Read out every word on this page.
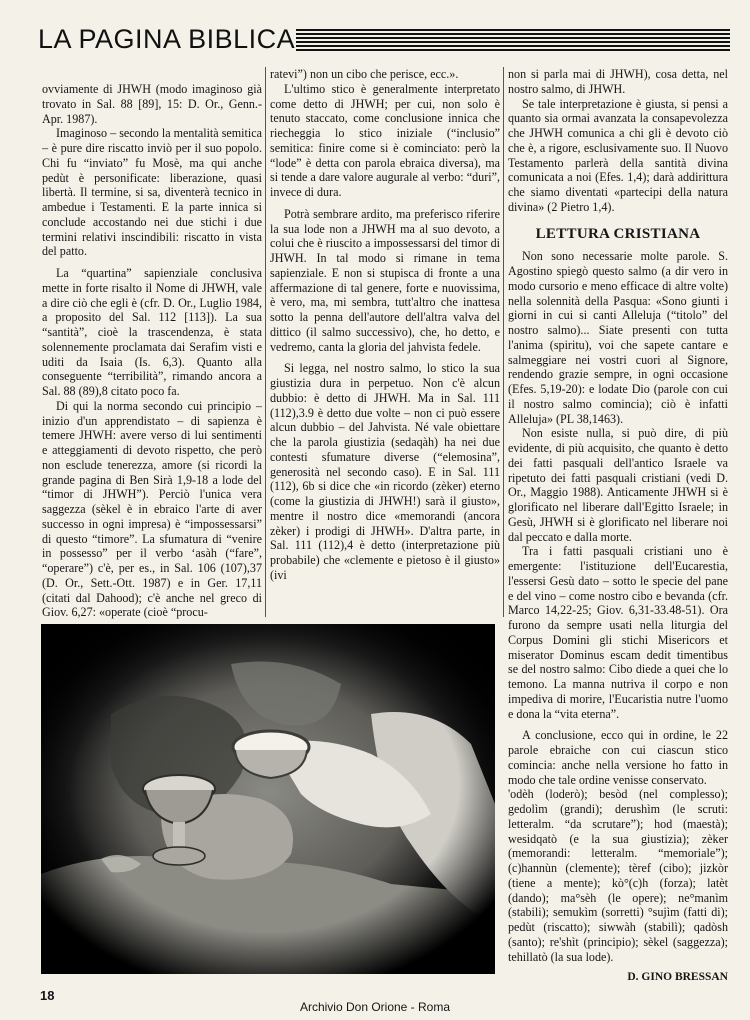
LA PAGINA BIBLICA

ovviamente di JHWH (modo imaginoso già trovato in Sal. 88 [89], 15: D. Or., Genn.-Apr. 1987).

Imaginoso – secondo la mentalità semitica – è pure dire riscatto inviò per il suo popolo. Chi fu “inviato” fu Mosè, ma qui anche pedùt è personificate: liberazione, quasi libertà. Il termine, si sa, diventerà tecnico in ambedue i Testamenti. E la parte innica si conclude accostando nei due stichi i due termini relativi inscindibili: riscatto in vista del patto.

La “quartina” sapienziale conclusiva mette in forte risalto il Nome di JHWH, vale a dire ciò che egli è (cfr. D. Or., Luglio 1984, a proposito del Sal. 112 [113]). La sua “santità”, cioè la trascendenza, è stata solennemente proclamata dai Serafim visti e uditi da Isaia (Is. 6,3). Quanto alla conseguente “terribilità”, rimando ancora a Sal. 88 (89),8 citato poco fa.

Di qui la norma secondo cui principio – inizio d'un apprendistato – di sapienza è temere JHWH: avere verso di lui sentimenti e atteggiamenti di devoto rispetto, che però non esclude tenerezza, amore (si ricordi la grande pagina di Ben Sirà 1,9-18 a lode del “timor di JHWH”). Perciò l'unica vera saggezza (sèkel è in ebraico l'arte di aver successo in ogni impresa) è “impossessarsi” di questo “timore”. La sfumatura di “venire in possesso” per il verbo ‘asàh (“fare”, “operare”) c'è, per es., in Sal. 106 (107),37 (D. Or., Sett.-Ott. 1987) e in Ger. 17,11 (citati dal Dahood); c'è anche nel greco di Giov. 6,27: «operate (cioè “procu-

ratevi”) non un cibo che perisce, ecc.».

L'ultimo stico è generalmente interpretato come detto di JHWH; per cui, non solo è tenuto staccato, come conclusione innica che riecheggia lo stico iniziale (“inclusio” semitica: finire come si è cominciato: però la “lode” è detta con parola ebraica diversa), ma si tende a dare valore augurale al verbo: “duri”, invece di dura.

Potrà sembrare ardito, ma preferisco riferire la sua lode non a JHWH ma al suo devoto, a colui che è riuscito a impossessarsi del timor di JHWH. In tal modo si rimane in tema sapienziale. E non si stupisca di fronte a una affermazione di tal genere, forte e nuovissima, è vero, ma, mi sembra, tutt'altro che inattesa sotto la penna dell'autore dell'altra valva del dittico (il salmo successivo), che, ho detto, e vedremo, canta la gloria del jahvista fedele.

Si legga, nel nostro salmo, lo stico la sua giustizia dura in perpetuo. Non c'è alcun dubbio: è detto di JHWH. Ma in Sal. 111 (112),3.9 è detto due volte – non ci può essere alcun dubbio – del Jahvista. Né vale obiettare che la parola giustizia (sedaqàh) ha nei due contesti sfumature diverse (“elemosina”, generosità nel secondo caso). E in Sal. 111 (112), 6b si dice che «in ricordo (zèker) eterno (come la giustizia di JHWH!) sarà il giusto», mentre il nostro dice «memorandi (ancora zèker) i prodigi di JHWH». D'altra parte, in Sal. 111 (112),4 è detto (interpretazione più probabile) che «clemente e pietoso è il giusto» (ivi

non si parla mai di JHWH), cosa detta, nel nostro salmo, di JHWH.

Se tale interpretazione è giusta, si pensi a quanto sia ormai avanzata la consapevolezza che JHWH comunica a chi gli è devoto ciò che è, a rigore, esclusivamente suo. Il Nuovo Testamento parlerà della santità divina comunicata a noi (Efes. 1,4); darà addirittura che siamo diventati «partecipi della natura divina» (2 Pietro 1,4).

LETTURA CRISTIANA

Non sono necessarie molte parole. S. Agostino spiegò questo salmo (a dir vero in modo cursorio e meno efficace di altre volte) nella solennità della Pasqua: «Sono giunti i giorni in cui si canti Alleluja (“titolo” del nostro salmo)... Siate presenti con tutta l'anima (spiritu), voi che sapete cantare e salmeggiare nei vostri cuori al Signore, rendendo grazie sempre, in ogni occasione (Efes. 5,19-20): e lodate Dio (parole con cui il nostro salmo comincia); ciò è infatti Alleluja» (PL 38,1463).

Non esiste nulla, si può dire, di più evidente, di più acquisito, che quanto è detto dei fatti pasquali dell'antico Israele va ripetuto dei fatti pasquali cristiani (vedi D. Or., Maggio 1988). Anticamente JHWH si è glorificato nel liberare dall'Egitto Israele; in Gesù, JHWH si è glorificato nel liberare noi dal peccato e dalla morte.

Tra i fatti pasquali cristiani uno è emergente: l'istituzione dell'Eucarestia, l'essersi Gesù dato – sotto le specie del pane e del vino – come nostro cibo e bevanda (cfr. Marco 14,22-25; Giov. 6,31-33.48-51). Ora furono da sempre usati nella liturgia del Corpus Domini gli stichi Misericors et miserator Dominus escam dedit timentibus se del nostro salmo: Cibo diede a quei che lo temono. La manna nutriva il corpo e non impediva di morire, l'Eucaristia nutre l'uomo e dona la “vita eterna”.

A conclusione, ecco qui in ordine, le 22 parole ebraiche con cui ciascun stico comincia: anche nella versione ho fatto in modo che tale ordine venisse conservato.

'odèh (loderò); besòd (nel complesso); gedolìm (grandi); derushìm (le scruti: letteralm. “da scrutare”); hod (maestà); wesidqatò (e la sua giustizia); zèker (memorandi: letteralm. “memoriale”); (c)hannùn (clemente); tèref (cibo); jizkòr (tiene a mente); kò°(c)h (forza); latèt (dando); ma°sèh (le opere); ne°manìm (stabili); semukìm (sorretti) °sujìm (fatti di); pedùt (riscatto); siwwàh (stabilì); qadòsh (santo); re'shìt (principio); sèkel (saggezza); tehillatò (la sua lode).

D. GINO BRESSAN
18
Archivio Don Orione - Roma
